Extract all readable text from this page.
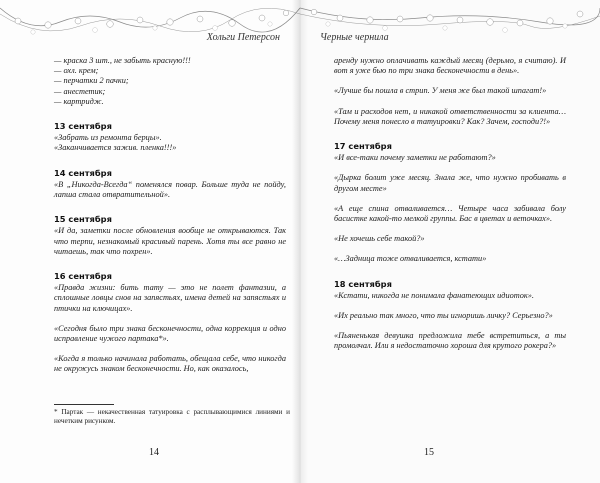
Хольги Петерсон

— краска 3 шт., не забыть красную!!!

— охл. крем;

— перчатки 2 пачки;

— анестетик;

— картридж.

13 сентября

«Забрать из ремонта берцы».

«Заканчивается зажив. пленка!!!»

14 сентября

«В „Никогда-Всегда“ поменялся повар. Больше туда не пойду, лапша стала отвратительной».

15 сентября

«И да, заметки после обновления вообще не открываются. Так что терпи, незнакомый красивый парень. Хотя ты все равно не читаешь, так что похрен».

16 сентября

«Правда жизни: бить тату — это не полет фантазии, а сплошные ловцы снов на запястьях, имена детей на запястьях и птички на ключицах».

«Сегодня было три знака бесконечности, одна коррекция и одно исправление чужого партака*».

«Когда я только начинала работать, обещала себе, что никогда не окружусь знаком бесконечности. Но, как оказалось,

* Партак — некачественная татуировка с расплывающимися линиями и нечетким рисунком.
14
Черные чернила

аренду нужно оплачивать каждый месяц (дерьмо, я считаю). И вот я уже бью по три знака бесконечности в день».

«Лучше бы пошла в стрип. У меня же был такой шпагат!»

«Там и расходов нет, и никакой ответственности за клиента… Почему меня понесло в татуировки? Как? Зачем, господи?!»

17 сентября

«И все-таки почему заметки не работают?»

«Дырка болит уже месяц. Знала же, что нужно пробивать в другом месте»

«А еще спина отваливается… Четыре часа забивала болу басистке какой-то мелкой группы. Бас в цветах и веточках».

«Не хочешь себе такой?»

«…Задница тоже отваливается, кстати»

18 сентября

«Кстати, никогда не понимала фанатеющих идиоток».

«Их реально так много, что ты игноришь личку? Серьезно?»

«Пьяненькая девушка предложила тебе встретиться, а ты промолчал. Или я недостаточно хороша для крутого рокера?»

15
